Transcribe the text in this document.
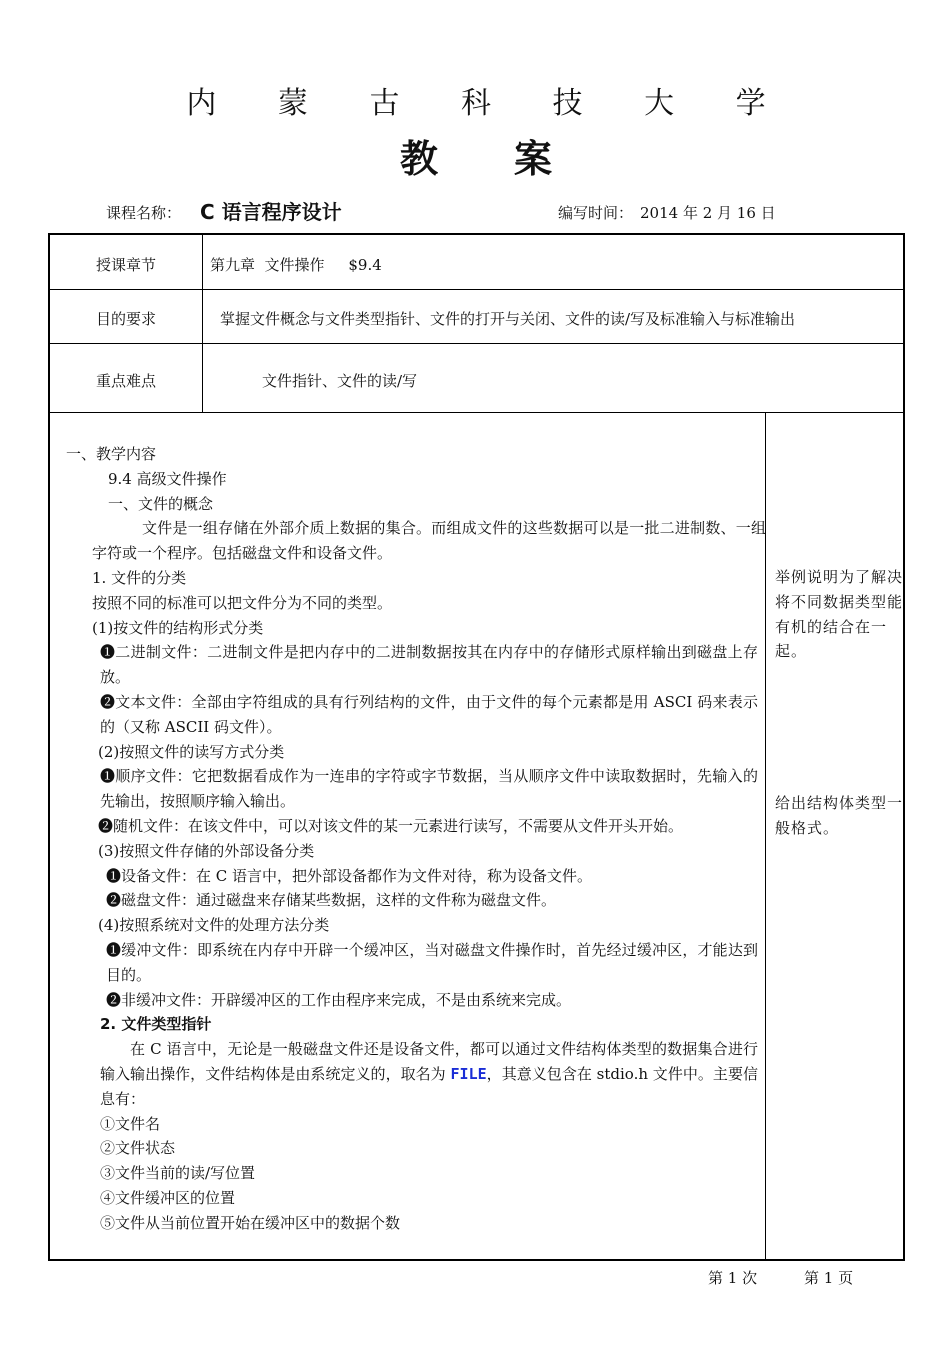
内 蒙 古 科 技 大 学
教 案
课程名称： C 语言程序设计	编写时间： 2014 年 2 月 16 日
授课章节	第九章  文件操作     $9.4
目的要求	掌握文件概念与文件类型指针、文件的打开与关闭、文件的读/写及标准输入与标准输出
重点难点	文件指针、文件的读/写
一、教学内容
9.4 高级文件操作
一、文件的概念
文件是一组存储在外部介质上数据的集合。而组成文件的这些数据可以是一批二进制数、一组字符或一个程序。包括磁盘文件和设备文件。
1. 文件的分类
按照不同的标准可以把文件分为不同的类型。
(1)按文件的结构形式分类
❶二进制文件：二进制文件是把内存中的二进制数据按其在内存中的存储形式原样输出到磁盘上存放。
❷文本文件：全部由字符组成的具有行列结构的文件，由于文件的每个元素都是用 ASCI 码来表示的（又称 ASCII 码文件）。
(2)按照文件的读写方式分类
❶顺序文件：它把数据看成作为一连串的字符或字节数据，当从顺序文件中读取数据时，先输入的先输出，按照顺序输入输出。
❷随机文件：在该文件中，可以对该文件的某一元素进行读写，不需要从文件开头开始。
(3)按照文件存储的外部设备分类
❶设备文件：在 C 语言中，把外部设备都作为文件对待，称为设备文件。
❷磁盘文件：通过磁盘来存储某些数据，这样的文件称为磁盘文件。
(4)按照系统对文件的处理方法分类
❶缓冲文件：即系统在内存中开辟一个缓冲区，当对磁盘文件操作时，首先经过缓冲区，才能达到目的。
❷非缓冲文件：开辟缓冲区的工作由程序来完成，不是由系统来完成。
2. 文件类型指针
在 C 语言中，无论是一般磁盘文件还是设备文件，都可以通过文件结构体类型的数据集合进行输入输出操作，文件结构体是由系统定义的，取名为 FILE，其意义包含在 stdio.h 文件中。主要信息有：
①文件名
②文件状态
③文件当前的读/写位置
④文件缓冲区的位置
⑤文件从当前位置开始在缓冲区中的数据个数
举例说明为了解决将不同数据类型能有机的结合在一起。
给出结构体类型一般格式。
第 1 次	第 1 页
